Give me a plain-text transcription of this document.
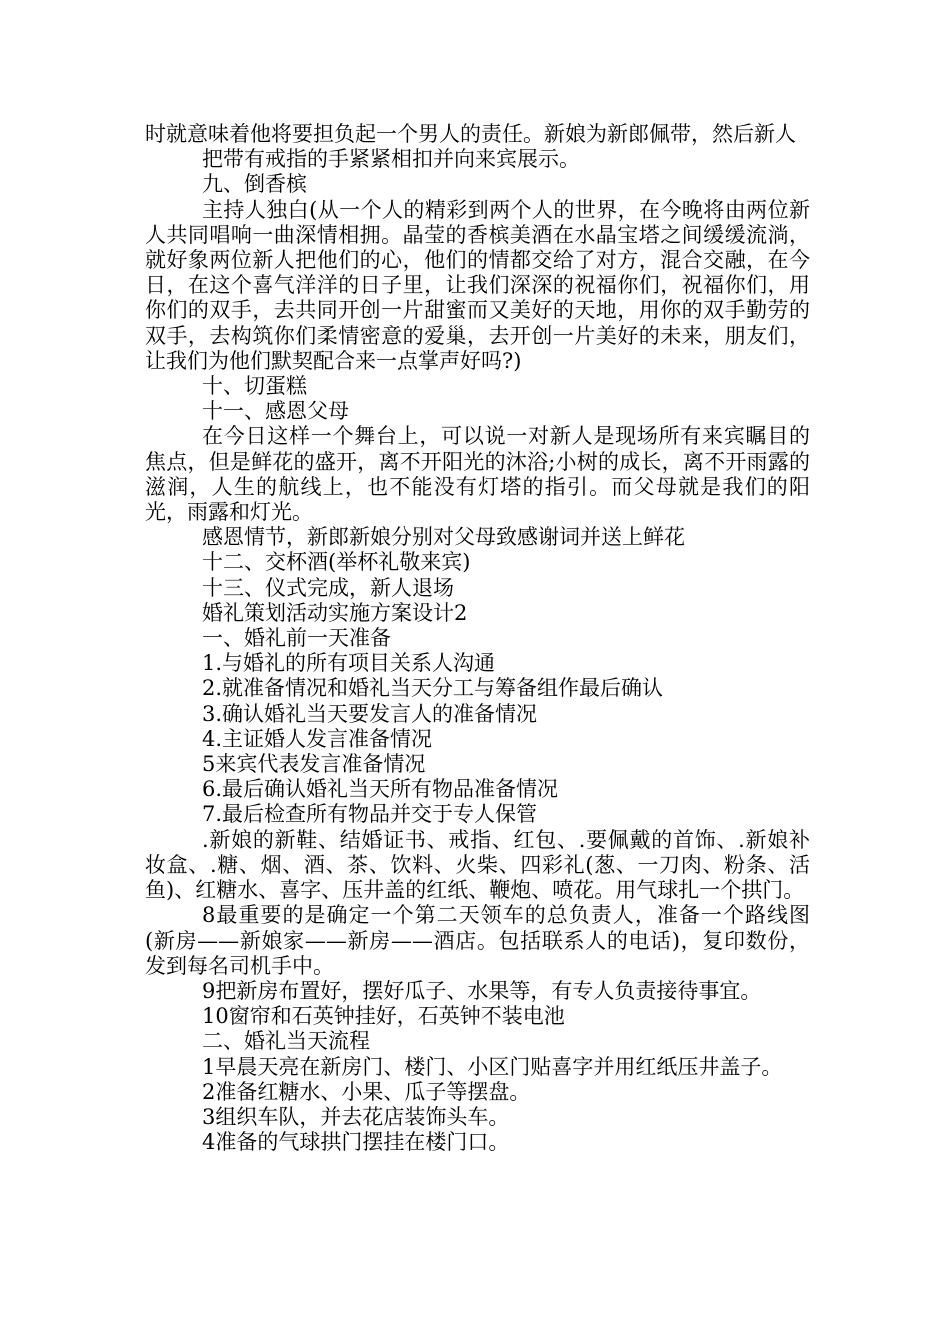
时就意味着他将要担负起一个男人的责任。新娘为新郎佩带，然后新人

把带有戒指的手紧紧相扣并向来宾展示。

九、倒香槟

主持人独白(从一个人的精彩到两个人的世界，在今晚将由两位新人共同唱响一曲深情相拥。晶莹的香槟美酒在水晶宝塔之间缓缓流淌，就好象两位新人把他们的心，他们的情都交给了对方，混合交融，在今日，在这个喜气洋洋的日子里，让我们深深的祝福你们，祝福你们，用你们的双手，去共同开创一片甜蜜而又美好的天地，用你的双手勤劳的双手，去构筑你们柔情密意的爱巢，去开创一片美好的未来，朋友们，让我们为他们默契配合来一点掌声好吗?)

十、切蛋糕

十一、感恩父母

在今日这样一个舞台上，可以说一对新人是现场所有来宾瞩目的焦点，但是鲜花的盛开，离不开阳光的沐浴;小树的成长，离不开雨露的滋润，人生的航线上，也不能没有灯塔的指引。而父母就是我们的阳光，雨露和灯光。

感恩情节，新郎新娘分别对父母致感谢词并送上鲜花

十二、交杯酒(举杯礼敬来宾)

十三、仪式完成，新人退场

婚礼策划活动实施方案设计2

一、婚礼前一天准备

1.与婚礼的所有项目关系人沟通

2.就准备情况和婚礼当天分工与筹备组作最后确认

3.确认婚礼当天要发言人的准备情况

4.主证婚人发言准备情况

5来宾代表发言准备情况

6.最后确认婚礼当天所有物品准备情况

7.最后检查所有物品并交于专人保管

.新娘的新鞋、结婚证书、戒指、红包、.要佩戴的首饰、.新娘补妆盒、.糖、烟、酒、茶、饮料、火柴、四彩礼(葱、一刀肉、粉条、活鱼)、红糖水、喜字、压井盖的红纸、鞭炮、喷花。用气球扎一个拱门。

8最重要的是确定一个第二天领车的总负责人，准备一个路线图(新房——新娘家——新房——酒店。包括联系人的电话)，复印数份，发到每名司机手中。

9把新房布置好，摆好瓜子、水果等，有专人负责接待事宜。

10窗帘和石英钟挂好，石英钟不装电池

二、婚礼当天流程

1早晨天亮在新房门、楼门、小区门贴喜字并用红纸压井盖子。

2准备红糖水、小果、瓜子等摆盘。

3组织车队，并去花店装饰头车。

4准备的气球拱门摆挂在楼门口。
